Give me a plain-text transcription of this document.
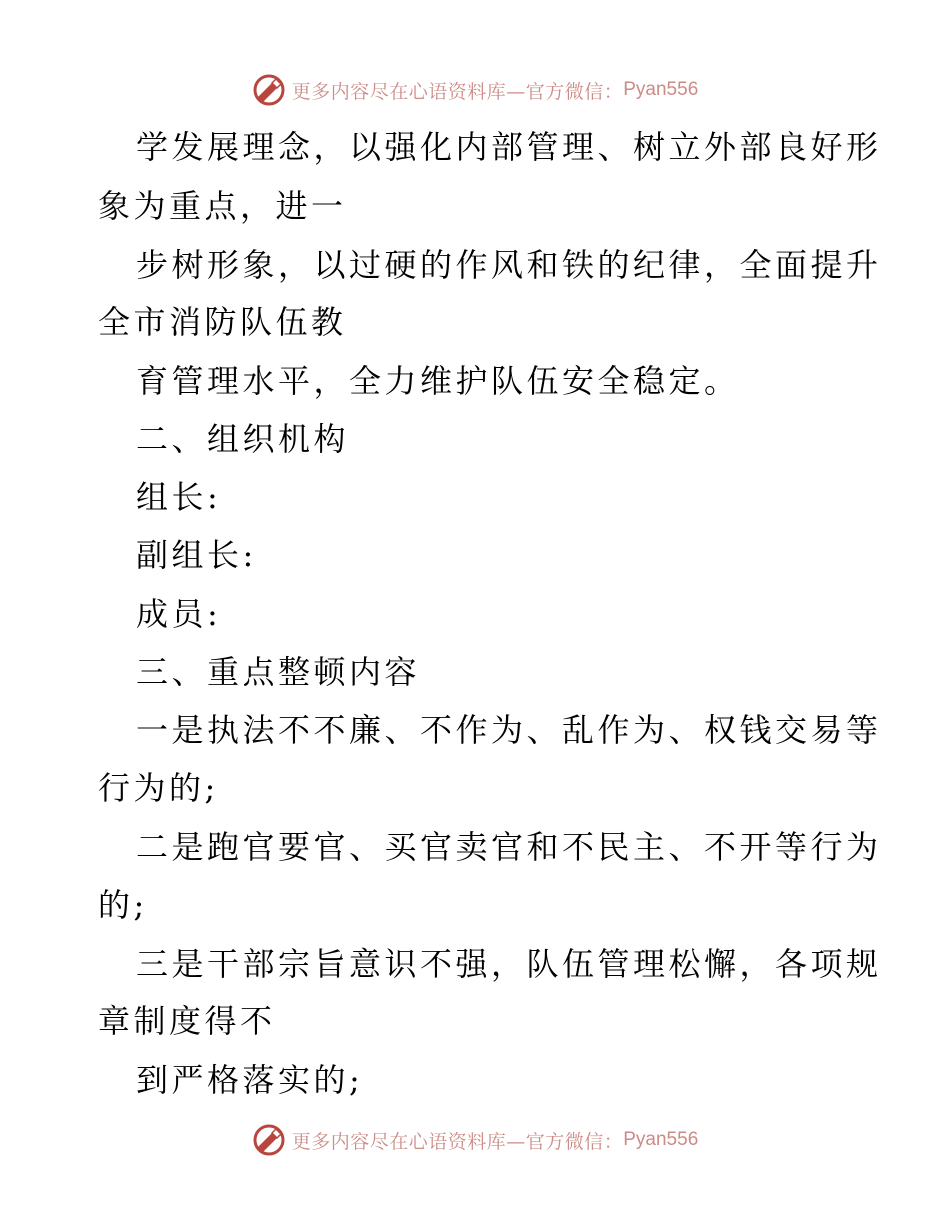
更多内容尽在心语资料库—官方微信： Pyan556
学发展理念，以强化内部管理、树立外部良好形
象为重点，进一
步树形象，以过硬的作风和铁的纪律，全面提升
全市消防队伍教
育管理水平，全力维护队伍安全稳定。
二、组织机构
组长:
副组长:
成员:
三、重点整顿内容
一是执法不不廉、不作为、乱作为、权钱交易等
行为的;
二是跑官要官、买官卖官和不民主、不开等行为
的;
三是干部宗旨意识不强，队伍管理松懈，各项规
章制度得不
到严格落实的;
更多内容尽在心语资料库—官方微信： Pyan556
